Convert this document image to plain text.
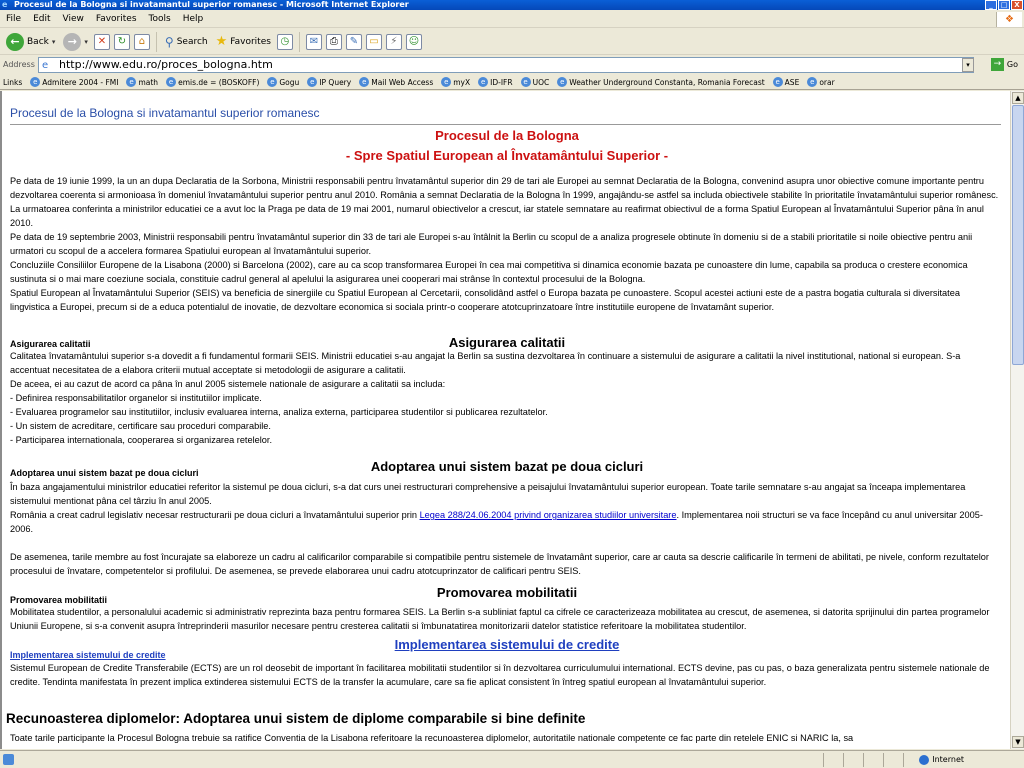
e Procesul de la Bologna si invatamantul superior romanesc - Microsoft Internet Explorer	_	□ X
File Edit View Favorites Tools Help	❖
← Back ▾	→	▾ ✕	↻	⌂	⚲ Search ★ Favorites ◷	✉	⎙	✎	▭	⚡	☺
Address e http://www.edu.ro/proces_bologna.htm	▾	→ Go
Links	e Admitere 2004 - FMI	e math	e emis.de = (BOSKOFF)	e Gogu	e IP Query	e Mail Web Access	e myX	e ID-IFR	e UOC	e Weather Underground Constanta, Romania Forecast	e ASE	e orar
Procesul de la Bologna si invatamantul superior romanesc
Procesul de la Bologna
- Spre Spatiul European al Învatamântului Superior -
Pe data de 19 iunie 1999, la un an dupa Declaratia de la Sorbona, Ministrii responsabili pentru învatamântul superior din 29 de tari ale Europei au semnat Declaratia de la Bologna, convenind asupra unor obiective comune importante pentru dezvoltarea coerenta si armonioasa în domeniul învatamântului superior pentru anul 2010. România a semnat Declaratia de la Bologna în 1999, angajându-se astfel sa includa obiectivele stabilite în prioritatile învatamântului superior românesc.
La urmatoarea conferinta a ministrilor educatiei ce a avut loc la Praga pe data de 19 mai 2001, numarul obiectivelor a crescut, iar statele semnatare au reafirmat obiectivul de a forma Spatiul European al Învatamântului Superior pâna în anul 2010.
Pe data de 19 septembrie 2003, Ministrii responsabili pentru învatamântul superior din 33 de tari ale Europei s-au întâlnit la Berlin cu scopul de a analiza progresele obtinute în domeniu si de a stabili prioritatile si noile obiective pentru anii urmatori cu scopul de a accelera formarea Spatiului european al învatamântului superior.
Concluziile Consiliilor Europene de la Lisabona (2000) si Barcelona (2002), care au ca scop transformarea Europei în cea mai competitiva si dinamica economie bazata pe cunoastere din lume, capabila sa produca o crestere economica sustinuta si o mai mare coeziune sociala, constituie cadrul general al apelului la asigurarea unei cooperari mai strânse în contextul procesului de la Bologna.
Spatiul European al Învatamântului Superior (SEIS) va beneficia de sinergiile cu Spatiul European al Cercetarii, consolidând astfel o Europa bazata pe cunoastere. Scopul acestei actiuni este de a pastra bogatia culturala si diversitatea lingvistica a Europei, precum si de a educa potentialul de inovatie, de dezvoltare economica si sociala printr-o cooperare atotcuprinzatoare între institutiile europene de învatamânt superior.
Asigurarea calitatii
Asigurarea calitatii
Calitatea învatamântului superior s-a dovedit a fi fundamentul formarii SEIS. Ministrii educatiei s-au angajat la Berlin sa sustina dezvoltarea în continuare a sistemului de asigurare a calitatii la nivel institutional, national si european. S-a accentuat necesitatea de a elabora criterii mutual acceptate si metodologii de asigurare a calitatii.
De aceea, ei au cazut de acord ca pâna în anul 2005 sistemele nationale de asigurare a calitatii sa includa:
- Definirea responsabilitatilor organelor si institutiilor implicate.
- Evaluarea programelor sau institutiilor, inclusiv evaluarea interna, analiza externa, participarea studentilor si publicarea rezultatelor.
- Un sistem de acreditare, certificare sau proceduri comparabile.
- Participarea internationala, cooperarea si organizarea retelelor.
Adoptarea unui sistem bazat pe doua cicluri
Adoptarea unui sistem bazat pe doua cicluri
În baza angajamentului ministrilor educatiei referitor la sistemul pe doua cicluri, s-a dat curs unei restructurari comprehensive a peisajului învatamântului superior european. Toate tarile semnatare s-au angajat sa înceapa implementarea sistemului mentionat pâna cel târziu în anul 2005.
România a creat cadrul legislativ necesar restructurarii pe doua cicluri a învatamântului superior prin Legea 288/24.06.2004 privind organizarea studiilor universitare. Implementarea noii structuri se va face începând cu anul universitar 2005-2006.
De asemenea, tarile membre au fost încurajate sa elaboreze un cadru al calificarilor comparabile si compatibile pentru sistemele de învatamânt superior, care ar cauta sa descrie calificarile în termeni de abilitati, pe nivele, conform rezultatelor procesului de învatare, competentelor si profilului. De asemenea, se prevede elaborarea unui cadru atotcuprinzator de calificari pentru SEIS.
Promovarea mobilitatii
Promovarea mobilitatii
Mobilitatea studentilor, a personalului academic si administrativ reprezinta baza pentru formarea SEIS. La Berlin s-a subliniat faptul ca cifrele ce caracterizeaza mobilitatea au crescut, de asemenea, si datorita sprijinului din partea programelor Uniunii Europene, si s-a convenit asupra întreprinderii masurilor necesare pentru cresterea calitatii si îmbunatatirea monitorizarii datelor statistice referitoare la mobilitatea studentilor.
Implementarea sistemului de credite
Implementarea sistemului de credite
Sistemul European de Credite Transferabile (ECTS) are un rol deosebit de important în facilitarea mobilitatii studentilor si în dezvoltarea curriculumului international. ECTS devine, pas cu pas, o baza generalizata pentru sistemele nationale de credite. Tendinta manifestata în prezent implica extinderea sistemului ECTS de la transfer la acumulare, care sa fie aplicat consistent în întreg spatiul european al învatamântului superior.
Recunoasterea diplomelor: Adoptarea unui sistem de diplome comparabile si bine definite
Toate tarile participante la Procesul Bologna trebuie sa ratifice Conventia de la Lisabona referitoare la recunoasterea diplomelor, autoritatile nationale competente ce fac parte din retelele ENIC si NARIC la, sa
▲
▼
Internet
